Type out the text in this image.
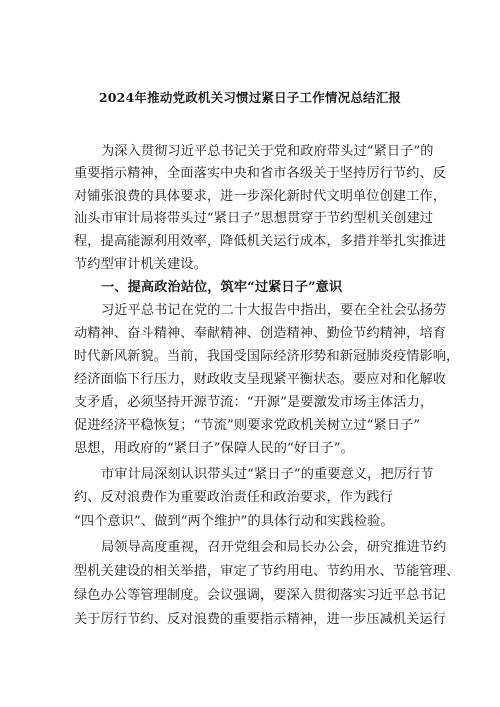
2024年推动党政机关习惯过紧日子工作情况总结汇报
为深入贯彻习近平总书记关于党和政府带头过“紧日子”的
重要指示精神，全面落实中央和省市各级关于坚持厉行节约、反
对铺张浪费的具体要求，进一步深化新时代文明单位创建工作，
汕头市审计局将带头过“紧日子”思想贯穿于节约型机关创建过
程，提高能源利用效率，降低机关运行成本，多措并举扎实推进
节约型审计机关建设。
一、提高政治站位，筑牢“过紧日子”意识
习近平总书记在党的二十大报告中指出，要在全社会弘扬劳
动精神、奋斗精神、奉献精神、创造精神、勤俭节约精神，培育
时代新风新貌。当前，我国受国际经济形势和新冠肺炎疫情影响，
经济面临下行压力，财政收支呈现紧平衡状态。要应对和化解收
支矛盾，必须坚持开源节流：“开源”是要激发市场主体活力，
促进经济平稳恢复；“节流”则要求党政机关树立过“紧日子”
思想，用政府的“紧日子”保障人民的“好日子”。
市审计局深刻认识带头过“紧日子”的重要意义，把厉行节
约、反对浪费作为重要政治责任和政治要求，作为践行
“四个意识”、做到“两个维护”的具体行动和实践检验。
局领导高度重视，召开党组会和局长办公会，研究推进节约
型机关建设的相关举措，审定了节约用电、节约用水、节能管理、
绿色办公等管理制度。会议强调，要深入贯彻落实习近平总书记
关于厉行节约、反对浪费的重要指示精神，进一步压减机关运行
